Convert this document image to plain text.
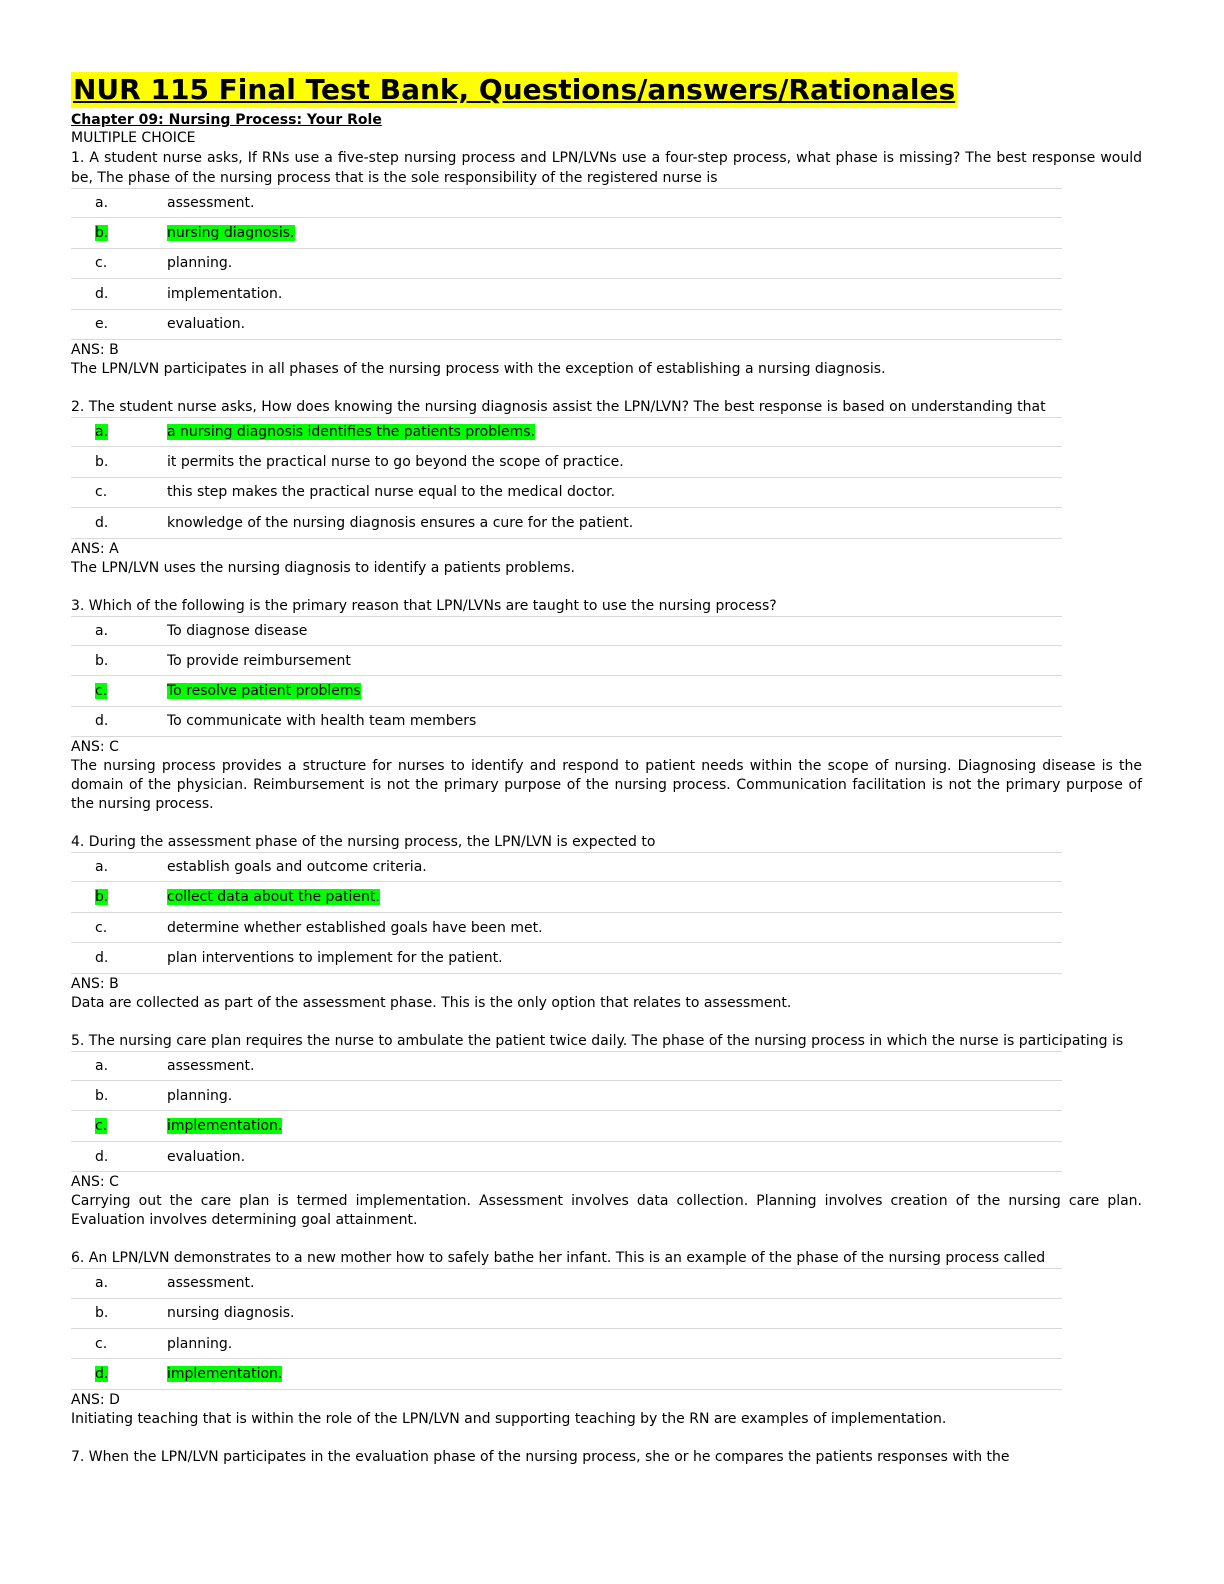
NUR 115 Final Test Bank, Questions/answers/Rationales
Chapter 09: Nursing Process: Your Role
MULTIPLE CHOICE
1. A student nurse asks, If RNs use a five-step nursing process and LPN/LVNs use a four-step process, what phase is missing? The best response would be, The phase of the nursing process that is the sole responsibility of the registered nurse is
a.	assessment.
b.	nursing diagnosis.
c.	planning.
d.	implementation.
e.	evaluation.
ANS: B
The LPN/LVN participates in all phases of the nursing process with the exception of establishing a nursing diagnosis.
2. The student nurse asks, How does knowing the nursing diagnosis assist the LPN/LVN? The best response is based on understanding that
a.	a nursing diagnosis identifies the patients problems.
b.	it permits the practical nurse to go beyond the scope of practice.
c.	this step makes the practical nurse equal to the medical doctor.
d.	knowledge of the nursing diagnosis ensures a cure for the patient.
ANS: A
The LPN/LVN uses the nursing diagnosis to identify a patients problems.
3. Which of the following is the primary reason that LPN/LVNs are taught to use the nursing process?
a.	To diagnose disease
b.	To provide reimbursement
c.	To resolve patient problems
d.	To communicate with health team members
ANS: C
The nursing process provides a structure for nurses to identify and respond to patient needs within the scope of nursing. Diagnosing disease is the domain of the physician. Reimbursement is not the primary purpose of the nursing process. Communication facilitation is not the primary purpose of the nursing process.
4. During the assessment phase of the nursing process, the LPN/LVN is expected to
a.	establish goals and outcome criteria.
b.	collect data about the patient.
c.	determine whether established goals have been met.
d.	plan interventions to implement for the patient.
ANS: B
Data are collected as part of the assessment phase. This is the only option that relates to assessment.
5. The nursing care plan requires the nurse to ambulate the patient twice daily. The phase of the nursing process in which the nurse is participating is
a.	assessment.
b.	planning.
c.	implementation.
d.	evaluation.
ANS: C
Carrying out the care plan is termed implementation. Assessment involves data collection. Planning involves creation of the nursing care plan. Evaluation involves determining goal attainment.
6. An LPN/LVN demonstrates to a new mother how to safely bathe her infant. This is an example of the phase of the nursing process called
a.	assessment.
b.	nursing diagnosis.
c.	planning.
d.	implementation.
ANS: D
Initiating teaching that is within the role of the LPN/LVN and supporting teaching by the RN are examples of implementation.
7. When the LPN/LVN participates in the evaluation phase of the nursing process, she or he compares the patients responses with the
